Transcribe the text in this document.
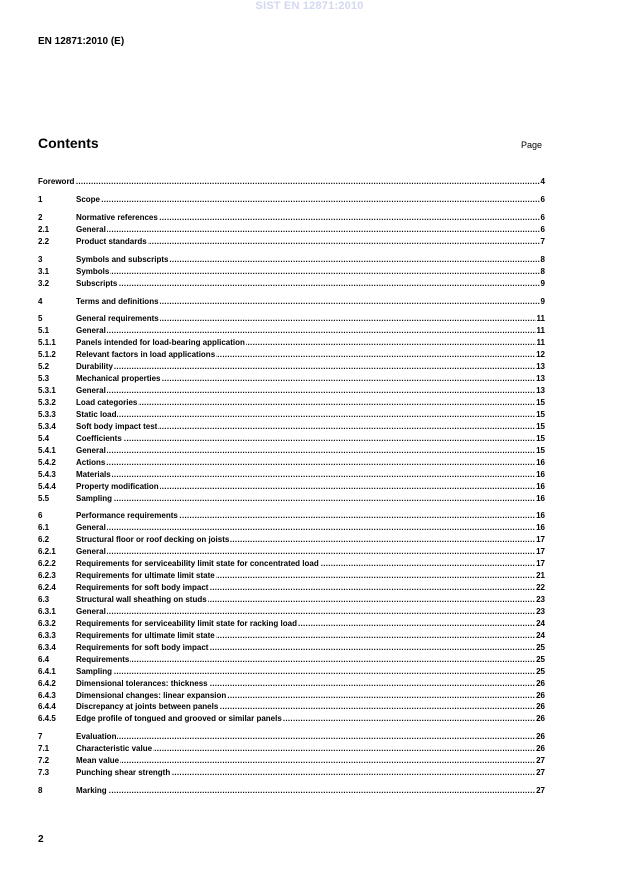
SIST EN 12871:2010
EN 12871:2010 (E)
Contents	Page
Foreword	4
.....
1	Scope	6
.....
2	Normative references	6
.....
2.1	General	6
.....
2.2	Product standards	7
.....
3	Symbols and subscripts	8
.....
3.1	Symbols	8
.....
3.2	Subscripts	9
.....
4	Terms and definitions	9
.....
5	General requirements	11
.....
5.1	General	11
.....
5.1.1	Panels intended for load-bearing application	11
.....
5.1.2	Relevant factors in load applications	12
.....
5.2	Durability	13
.....
5.3	Mechanical properties	13
.....
5.3.1	General	13
.....
5.3.2	Load categories	15
.....
5.3.3	Static load	15
.....
5.3.4	Soft body impact test	15
.....
5.4	Coefficients	15
.....
5.4.1	General	15
.....
5.4.2	Actions	16
.....
5.4.3	Materials	16
.....
5.4.4	Property modification	16
.....
5.5	Sampling	16
.....
6	Performance requirements	16
.....
6.1	General	16
.....
6.2	Structural floor or roof decking on joists	17
.....
6.2.1	General	17
.....
6.2.2	Requirements for serviceability limit state for concentrated load	17
.....
6.2.3	Requirements for ultimate limit state	21
.....
6.2.4	Requirements for soft body impact	22
.....
6.3	Structural wall sheathing on studs	23
.....
6.3.1	General	23
.....
6.3.2	Requirements for serviceability limit state for racking load	24
.....
6.3.3	Requirements for ultimate limit state	24
.....
6.3.4	Requirements for soft body impact	25
.....
6.4	Requirements	25
.....
6.4.1	Sampling	25
.....
6.4.2	Dimensional tolerances: thickness	26
.....
6.4.3	Dimensional changes: linear expansion	26
.....
6.4.4	Discrepancy at joints between panels	26
.....
6.4.5	Edge profile of tongued and grooved or similar panels	26
.....
7	Evaluation	26
.....
7.1	Characteristic value	26
.....
7.2	Mean value	27
.....
7.3	Punching shear strength	27
.....
8	Marking	27
.....
2
